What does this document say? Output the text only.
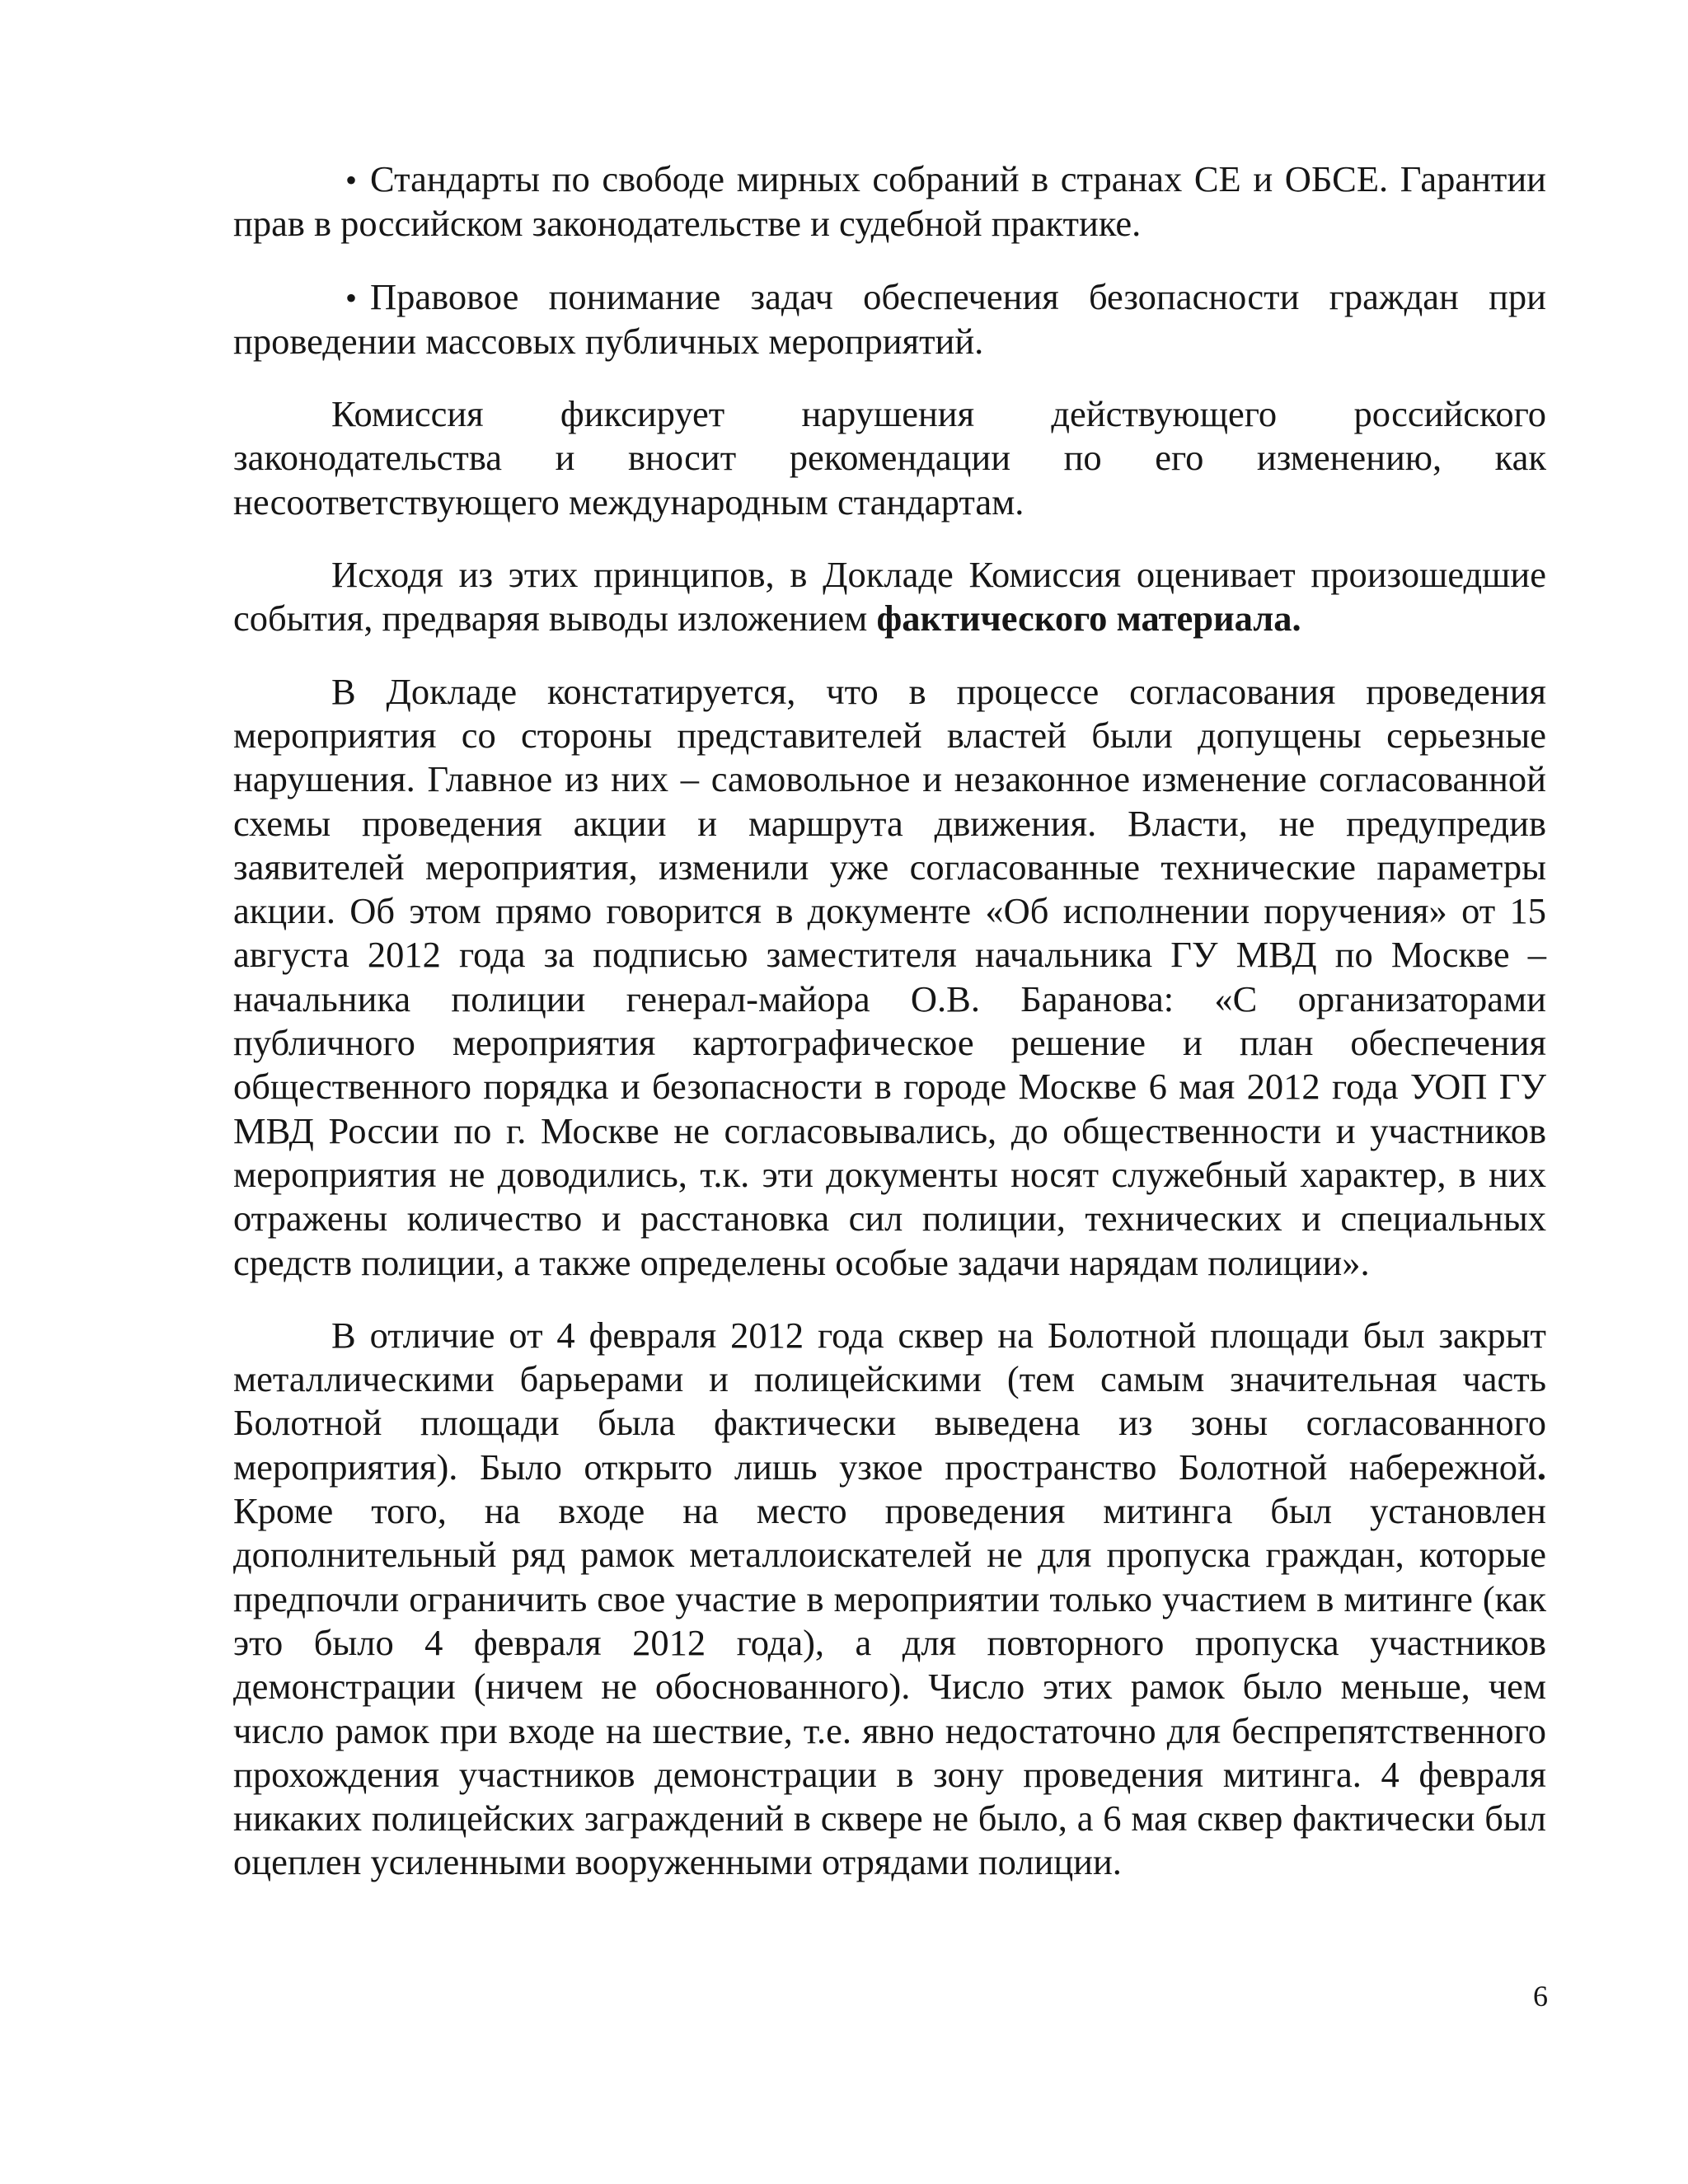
• Стандарты по свободе мирных собраний в странах СЕ и ОБСЕ. Гарантии прав в российском законодательстве и судебной практике.

• Правовое понимание задач обеспечения безопасности граждан при проведении массовых публичных мероприятий.

Комиссия фиксирует нарушения действующего российского законодательства и вносит рекомендации по его изменению, как несоответствующего международным стандартам.

Исходя из этих принципов, в Докладе Комиссия оценивает произошедшие события, предваряя выводы изложением фактического материала.

В Докладе констатируется, что в процессе согласования проведения мероприятия со стороны представителей властей были допущены серьезные нарушения. Главное из них – самовольное и незаконное изменение согласованной схемы проведения акции и маршрута движения. Власти, не предупредив заявителей мероприятия, изменили уже согласованные технические параметры акции. Об этом прямо говорится в документе «Об исполнении поручения» от 15 августа 2012 года за подписью заместителя начальника ГУ МВД по Москве – начальника полиции генерал-майора О.В. Баранова: «С организаторами публичного мероприятия картографическое решение и план обеспечения общественного порядка и безопасности в городе Москве 6 мая 2012 года УОП ГУ МВД России по г. Москве не согласовывались, до общественности и участников мероприятия не доводились, т.к. эти документы носят служебный характер, в них отражены количество и расстановка сил полиции, технических и специальных средств полиции, а также определены особые задачи нарядам полиции».

В отличие от 4 февраля 2012 года сквер на Болотной площади был закрыт металлическими барьерами и полицейскими (тем самым значительная часть Болотной площади была фактически выведена из зоны согласованного мероприятия). Было открыто лишь узкое пространство Болотной набережной. Кроме того, на входе на место проведения митинга был установлен дополнительный ряд рамок металлоискателей не для пропуска граждан, которые предпочли ограничить свое участие в мероприятии только участием в митинге (как это было 4 февраля 2012 года), а для повторного пропуска участников демонстрации (ничем не обоснованного). Число этих рамок было меньше, чем число рамок при входе на шествие, т.е. явно недостаточно для беспрепятственного прохождения участников демонстрации в зону проведения митинга. 4 февраля никаких полицейских заграждений в сквере не было, а 6 мая сквер фактически был оцеплен усиленными вооруженными отрядами полиции.

6
